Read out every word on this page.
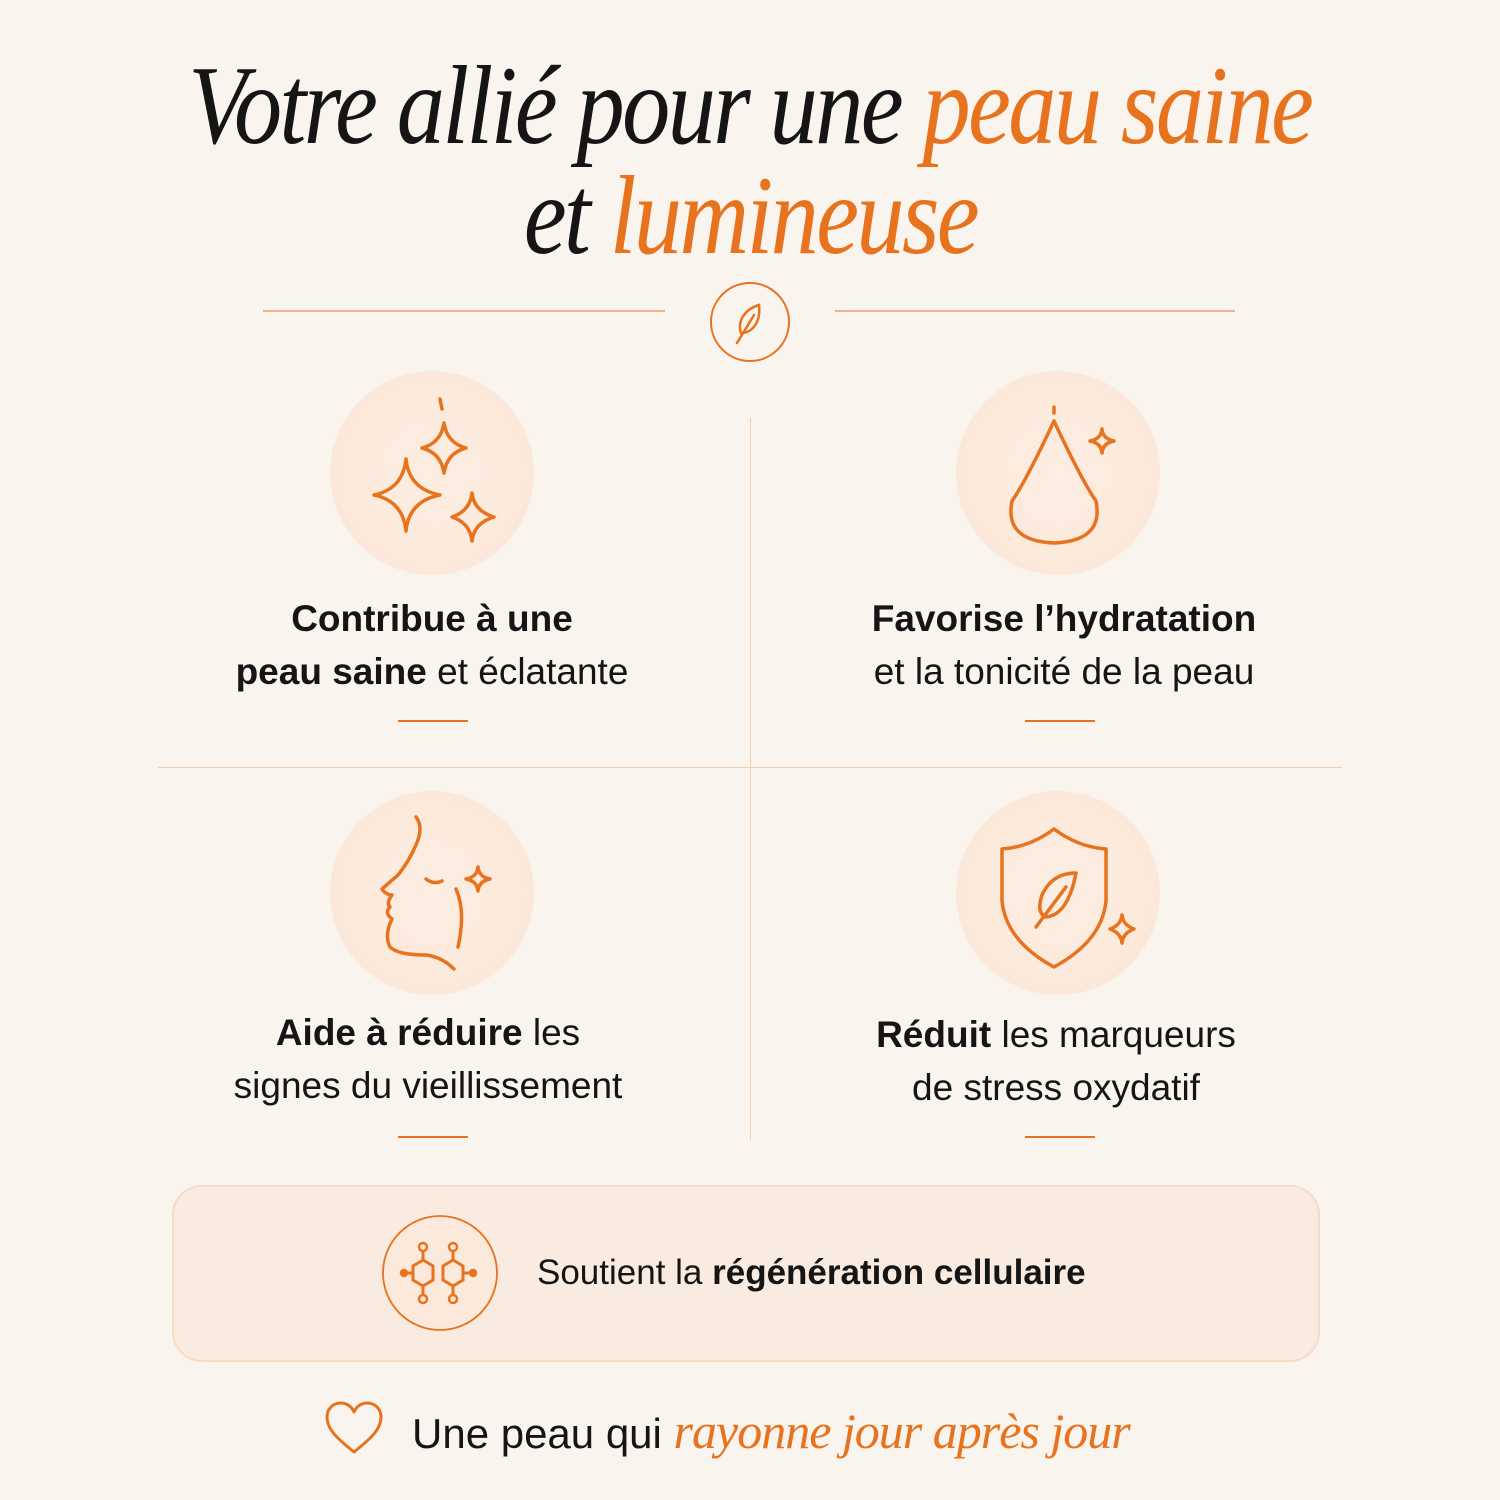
Votre allié pour une peau saine
et lumineuse
Contribue à une
peau saine et éclatante
Favorise l’hydratation
et la tonicité de la peau
Aide à réduire les
signes du vieillissement
Réduit les marqueurs
de stress oxydatif
Soutient la régénération cellulaire
Une peau qui rayonne jour après jour
